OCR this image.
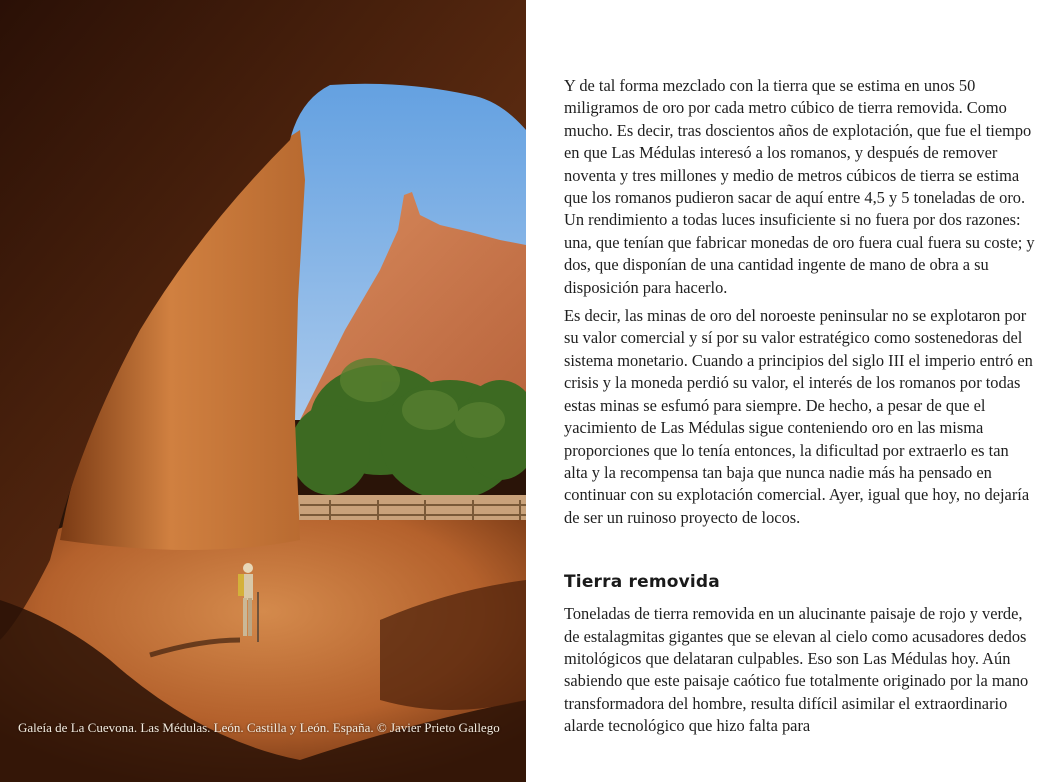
Galeía de La Cuevona. Las Médulas. León. Castilla y León. España. © Javier Prieto Gallego

Y de tal forma mezclado con la tierra que se estima en unos 50 miligramos de oro por cada metro cúbico de tierra removida. Como mucho. Es decir, tras doscientos años de explotación, que fue el tiempo en que Las Médulas interesó a los romanos, y después de remover noventa y tres millones y medio de metros cúbicos de tierra se estima que los romanos pudieron sacar de aquí entre 4,5 y 5 toneladas de oro. Un rendimiento a todas luces insuficiente si no fuera por dos razones: una, que tenían que fabricar monedas de oro fuera cual fuera su coste; y dos, que disponían de una cantidad ingente de mano de obra a su disposición para hacerlo.

Es decir, las minas de oro del noroeste peninsular no se explotaron por su valor comercial y sí por su valor estratégico como sostenedoras del sistema monetario. Cuando a principios del siglo III el imperio entró en crisis y la moneda perdió su valor, el interés de los romanos por todas estas minas se esfumó para siempre. De hecho, a pesar de que el yacimiento de Las Médulas sigue conteniendo oro en las misma proporciones que lo tenía entonces, la dificultad por extraerlo es tan alta y la recompensa tan baja que nunca nadie más ha pensado en continuar con su explotación comercial. Ayer, igual que hoy, no dejaría de ser un ruinoso proyecto de locos.

Tierra removida

Toneladas de tierra removida en un alucinante paisaje de rojo y verde, de estalagmitas gigantes que se elevan al cielo como acusadores dedos mitológicos que delataran culpables. Eso son Las Médulas hoy. Aún sabiendo que este paisaje caótico fue totalmente originado por la mano transformadora del hombre, resulta difícil asimilar el extraordinario alarde tecnológico que hizo falta para
